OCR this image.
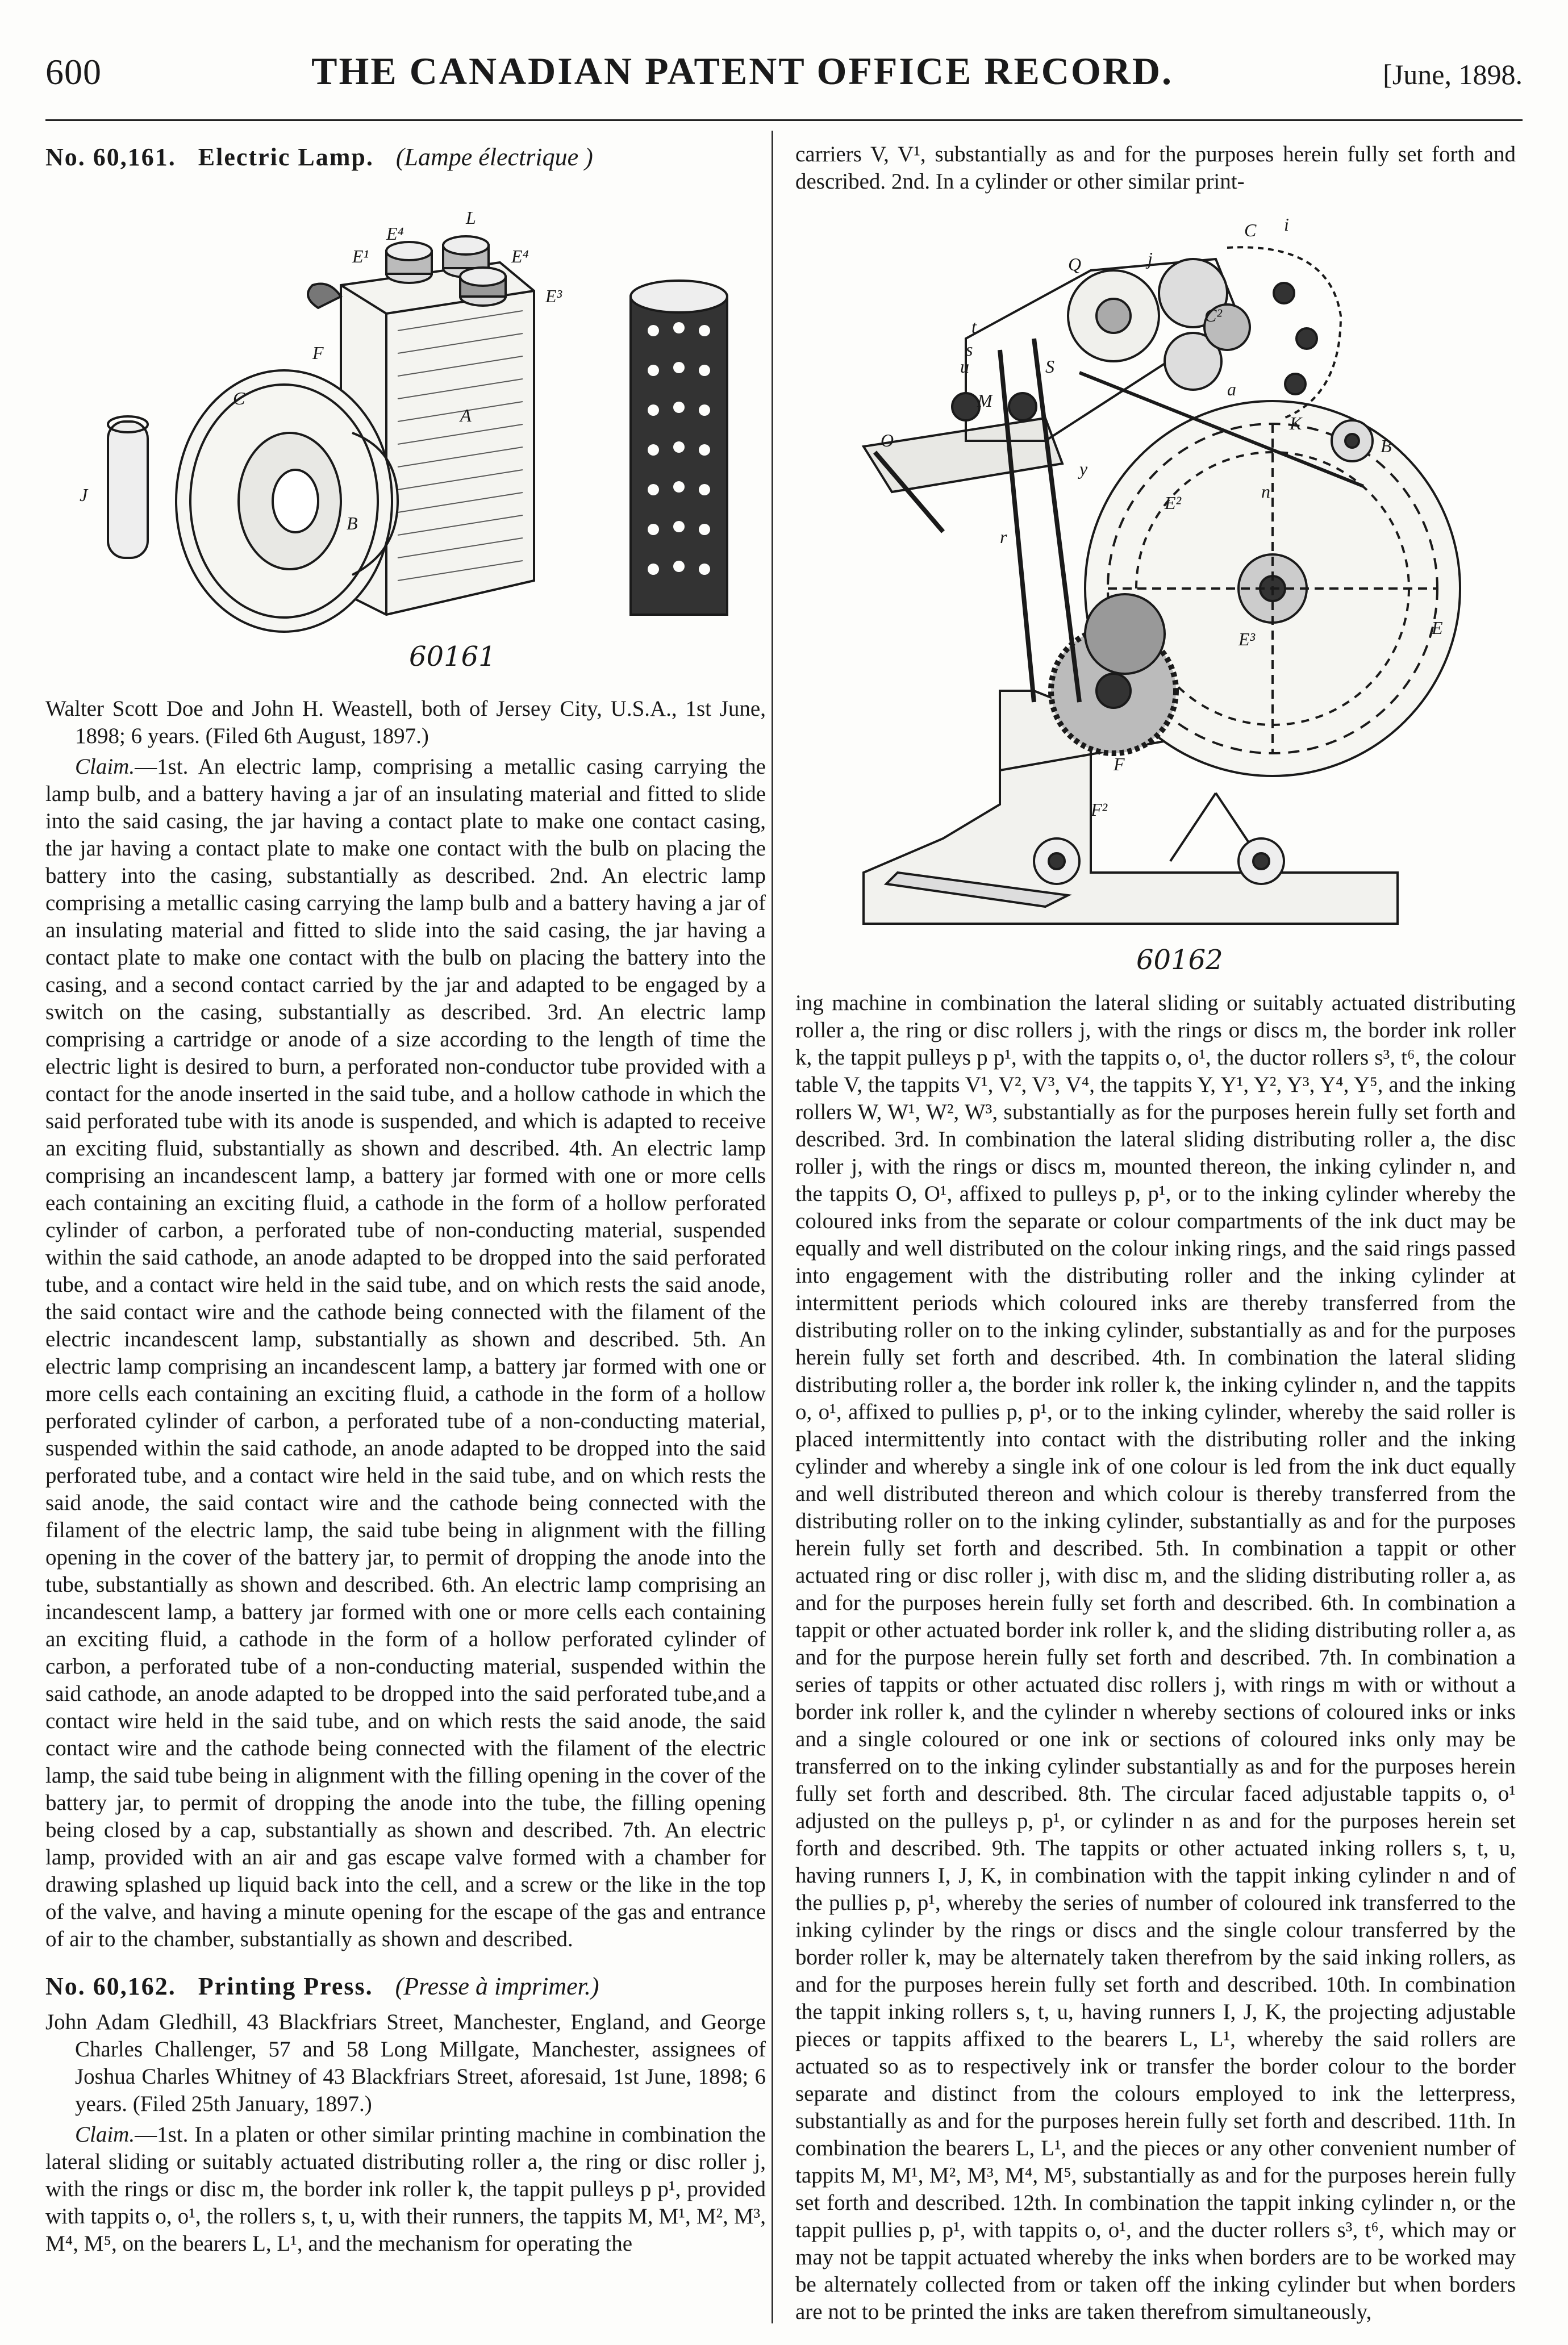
600	THE CANADIAN PATENT OFFICE RECORD.	[June, 1898.
No. 60,161. Electric Lamp. (Lampe électrique )
E⁴
L
E¹	E⁴
E³
F
C
A
J
B
60161

Walter Scott Doe and John H. Weastell, both of Jersey City, U.S.A., 1st June, 1898; 6 years. (Filed 6th August, 1897.)

Claim.—1st. An electric lamp, comprising a metallic casing carrying the lamp bulb, and a battery having a jar of an insulating material and fitted to slide into the said casing, the jar having a contact plate to make one contact casing, the jar having a contact plate to make one contact with the bulb on placing the battery into the casing, substantially as described. 2nd. An electric lamp comprising a metallic casing carrying the lamp bulb and a battery having a jar of an insulating material and fitted to slide into the said casing, the jar having a contact plate to make one contact with the bulb on placing the battery into the casing, and a second contact carried by the jar and adapted to be engaged by a switch on the casing, substantially as described. 3rd. An electric lamp comprising a cartridge or anode of a size according to the length of time the electric light is desired to burn, a perforated non-conductor tube provided with a contact for the anode inserted in the said tube, and a hollow cathode in which the said perforated tube with its anode is suspended, and which is adapted to receive an exciting fluid, substantially as shown and described. 4th. An electric lamp comprising an incandescent lamp, a battery jar formed with one or more cells each containing an exciting fluid, a cathode in the form of a hollow perforated cylinder of carbon, a perforated tube of non-conducting material, suspended within the said cathode, an anode adapted to be dropped into the said perforated tube, and a contact wire held in the said tube, and on which rests the said anode, the said contact wire and the cathode being connected with the filament of the electric incandescent lamp, substantially as shown and described. 5th. An electric lamp comprising an incandescent lamp, a battery jar formed with one or more cells each containing an exciting fluid, a cathode in the form of a hollow perforated cylinder of carbon, a perforated tube of a non-conducting material, suspended within the said cathode, an anode adapted to be dropped into the said perforated tube, and a contact wire held in the said tube, and on which rests the said anode, the said contact wire and the cathode being connected with the filament of the electric lamp, the said tube being in alignment with the filling opening in the cover of the battery jar, to permit of dropping the anode into the tube, substantially as shown and described. 6th. An electric lamp comprising an incandescent lamp, a battery jar formed with one or more cells each containing an exciting fluid, a cathode in the form of a hollow perforated cylinder of carbon, a perforated tube of a non-conducting material, suspended within the said cathode, an anode adapted to be dropped into the said perforated tube,and a contact wire held in the said tube, and on which rests the said anode, the said contact wire and the cathode being connected with the filament of the electric lamp, the said tube being in alignment with the filling opening in the cover of the battery jar, to permit of dropping the anode into the tube, the filling opening being closed by a cap, substantially as shown and described. 7th. An electric lamp, provided with an air and gas escape valve formed with a chamber for drawing splashed up liquid back into the cell, and a screw or the like in the top of the valve, and having a minute opening for the escape of the gas and entrance of air to the chamber, substantially as shown and described.

No. 60,162. Printing Press. (Presse à imprimer.)

John Adam Gledhill, 43 Blackfriars Street, Manchester, England, and George Charles Challenger, 57 and 58 Long Millgate, Manchester, assignees of Joshua Charles Whitney of 43 Blackfriars Street, aforesaid, 1st June, 1898; 6 years. (Filed 25th January, 1897.)

Claim.—1st. In a platen or other similar printing machine in combination the lateral sliding or suitably actuated distributing roller a, the ring or disc roller j, with the rings or disc m, the border ink roller k, the tappit pulleys p p¹, provided with tappits o, o¹, the rollers s, t, u, with their runners, the tappits M, M¹, M², M³, M⁴, M⁵, on the bearers L, L¹, and the mechanism for operating the

carriers V, V¹, substantially as and for the purposes herein fully set forth and described. 2nd. In a cylinder or other similar print-

C i
Q	j
C²
t
s
u
M
O
S
y
E²
a
K
n
B
E³
E
F
F²
r
60162

ing machine in combination the lateral sliding or suitably actuated distributing roller a, the ring or disc rollers j, with the rings or discs m, the border ink roller k, the tappit pulleys p p¹, with the tappits o, o¹, the ductor rollers s³, t⁶, the colour table V, the tappits V¹, V², V³, V⁴, the tappits Y, Y¹, Y², Y³, Y⁴, Y⁵, and the inking rollers W, W¹, W², W³, substantially as for the purposes herein fully set forth and described. 3rd. In combination the lateral sliding distributing roller a, the disc roller j, with the rings or discs m, mounted thereon, the inking cylinder n, and the tappits O, O¹, affixed to pulleys p, p¹, or to the inking cylinder whereby the coloured inks from the separate or colour compartments of the ink duct may be equally and well distributed on the colour inking rings, and the said rings passed into engagement with the distributing roller and the inking cylinder at intermittent periods which coloured inks are thereby transferred from the distributing roller on to the inking cylinder, substantially as and for the purposes herein fully set forth and described. 4th. In combination the lateral sliding distributing roller a, the border ink roller k, the inking cylinder n, and the tappits o, o¹, affixed to pullies p, p¹, or to the inking cylinder, whereby the said roller is placed intermittently into contact with the distributing roller and the inking cylinder and whereby a single ink of one colour is led from the ink duct equally and well distributed thereon and which colour is thereby transferred from the distributing roller on to the inking cylinder, substantially as and for the purposes herein fully set forth and described. 5th. In combination a tappit or other actuated ring or disc roller j, with disc m, and the sliding distributing roller a, as and for the purposes herein fully set forth and described. 6th. In combination a tappit or other actuated border ink roller k, and the sliding distributing roller a, as and for the purpose herein fully set forth and described. 7th. In combination a series of tappits or other actuated disc rollers j, with rings m with or without a border ink roller k, and the cylinder n whereby sections of coloured inks or inks and a single coloured or one ink or sections of coloured inks only may be transferred on to the inking cylinder substantially as and for the purposes herein fully set forth and described. 8th. The circular faced adjustable tappits o, o¹ adjusted on the pulleys p, p¹, or cylinder n as and for the purposes herein set forth and described. 9th. The tappits or other actuated inking rollers s, t, u, having runners I, J, K, in combination with the tappit inking cylinder n and of the pullies p, p¹, whereby the series of number of coloured ink transferred to the inking cylinder by the rings or discs and the single colour transferred by the border roller k, may be alternately taken therefrom by the said inking rollers, as and for the purposes herein fully set forth and described. 10th. In combination the tappit inking rollers s, t, u, having runners I, J, K, the projecting adjustable pieces or tappits affixed to the bearers L, L¹, whereby the said rollers are actuated so as to respectively ink or transfer the border colour to the border separate and distinct from the colours employed to ink the letterpress, substantially as and for the purposes herein fully set forth and described. 11th. In combination the bearers L, L¹, and the pieces or any other convenient number of tappits M, M¹, M², M³, M⁴, M⁵, substantially as and for the purposes herein fully set forth and described. 12th. In combination the tappit inking cylinder n, or the tappit pullies p, p¹, with tappits o, o¹, and the ducter rollers s³, t⁶, which may or may not be tappit actuated whereby the inks when borders are to be worked may be alternately collected from or taken off the inking cylinder but when borders are not to be printed the inks are taken therefrom simultaneously,
